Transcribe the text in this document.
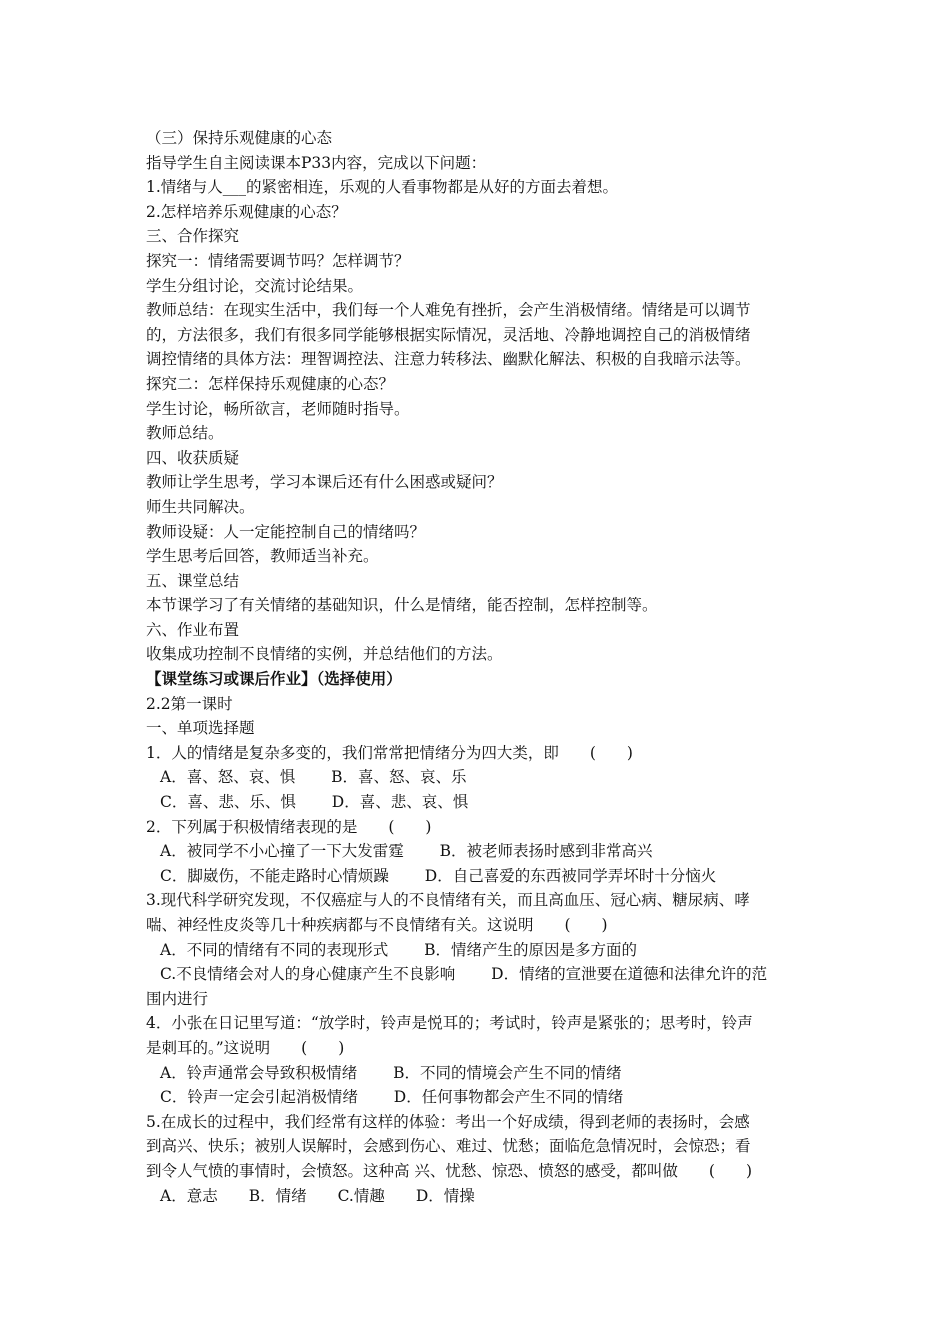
（三）保持乐观健康的心态
指导学生自主阅读课本P33内容，完成以下问题：
1.情绪与人___的紧密相连，乐观的人看事物都是从好的方面去着想。
2.怎样培养乐观健康的心态？
三、合作探究
探究一：情绪需要调节吗？怎样调节？
学生分组讨论，交流讨论结果。
教师总结：在现实生活中，我们每一个人难免有挫折，会产生消极情绪。情绪是可以调节
的，方法很多，我们有很多同学能够根据实际情况，灵活地、冷静地调控自己的消极情绪
调控情绪的具体方法：理智调控法、注意力转移法、幽默化解法、积极的自我暗示法等。
探究二：怎样保持乐观健康的心态？
学生讨论，畅所欲言，老师随时指导。
教师总结。
四、收获质疑
教师让学生思考，学习本课后还有什么困惑或疑问？
师生共同解决。
教师设疑：人一定能控制自己的情绪吗？
学生思考后回答，教师适当补充。
五、课堂总结
本节课学习了有关情绪的基础知识，什么是情绪，能否控制，怎样控制等。
六、作业布置
收集成功控制不良情绪的实例，并总结他们的方法。
【课堂练习或课后作业】（选择使用）
2.2第一课时
一、单项选择题
1．人的情绪是复杂多变的，我们常常把情绪分为四大类，即　　(　　)
A．喜、怒、哀、惧　　 B．喜、怒、哀、乐
C．喜、悲、乐、惧　　 D．喜、悲、哀、惧
2．下列属于积极情绪表现的是　　(　　)
A．被同学不小心撞了一下大发雷霆　　 B．被老师表扬时感到非常高兴
C．脚崴伤，不能走路时心情烦躁　　 D．自己喜爱的东西被同学弄坏时十分恼火
3.现代科学研究发现，不仅癌症与人的不良情绪有关，而且高血压、冠心病、糖尿病、哮
喘、神经性皮炎等几十种疾病都与不良情绪有关。这说明　　(　　)
A．不同的情绪有不同的表现形式　　 B．情绪产生的原因是多方面的
C.不良情绪会对人的身心健康产生不良影响　　 D．情绪的宣泄要在道德和法律允许的范
围内进行
4．小张在日记里写道：“放学时，铃声是悦耳的；考试时，铃声是紧张的；思考时，铃声
是刺耳的。”这说明　　(　　)
A．铃声通常会导致积极情绪　　 B．不同的情境会产生不同的情绪
C．铃声一定会引起消极情绪　　 D．任何事物都会产生不同的情绪
5.在成长的过程中，我们经常有这样的体验：考出一个好成绩，得到老师的表扬时，会感
到高兴、快乐；被别人误解时，会感到伤心、难过、忧愁；面临危急情况时，会惊恐；看
到令人气愤的事情时，会愤怒。这种高 兴、忧愁、惊恐、愤怒的感受，都叫做　　(　　)
A．意志　　B．情绪　　C.情趣　　D．情操
